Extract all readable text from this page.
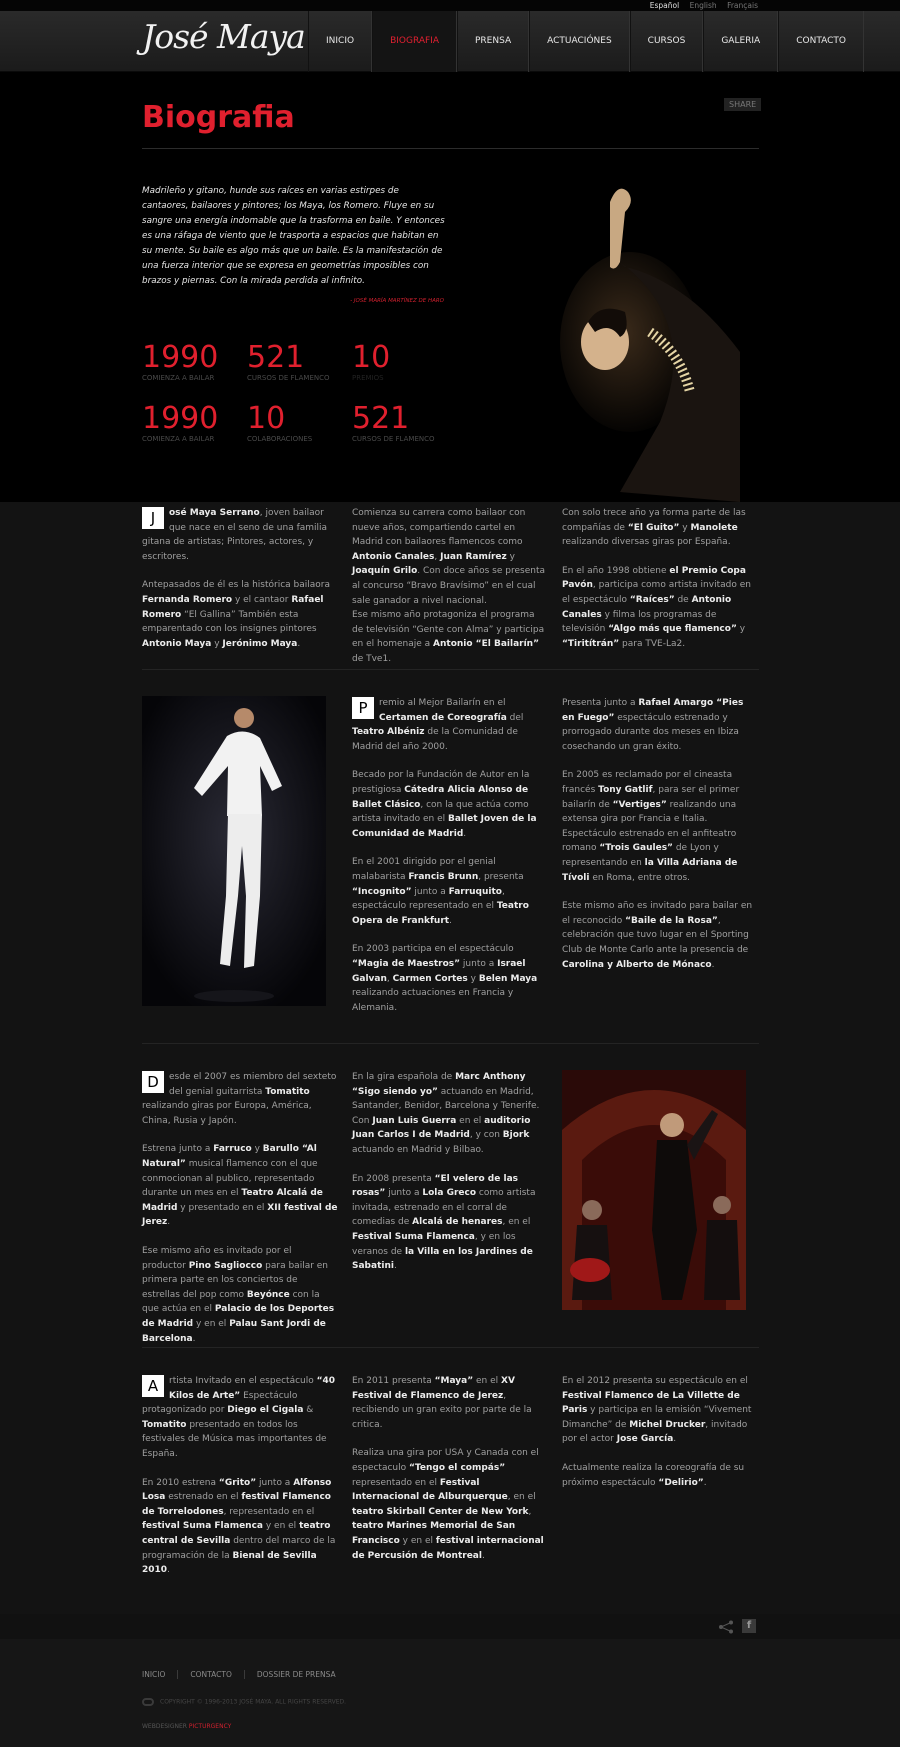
Español English Français
José Maya	INICIO	BIOGRAFIA	PRENSA	ACTUACIÓNES	CURSOS	GALERIA	CONTACTO
Biografia	SHARE
Madrileño y gitano, hunde sus raíces en varias estirpes de cantaores, bailaores y pintores; los Maya, los Romero. Fluye en su sangre una energía indomable que la trasforma en baile. Y entonces es una ráfaga de viento que le trasporta a espacios que habitan en su mente. Su baile es algo más que un baile. Es la manifestación de una fuerza interior que se expresa en geometrías imposibles con brazos y piernas. Con la mirada perdida al infinito.
- JOSÉ MARÍA MARTÍNEZ DE HARO
1990
COMIENZA A BAILAR
521
CURSOS DE FLAMENCO
10
PREMIOS
1990
COMIENZA A BAILAR
10
COLABORACIONES
521
CURSOS DE FLAMENCO

J	osé Maya Serrano, joven bailaor que nace en el seno de una familia gitana de artistas; Pintores, actores, y escritores.

Antepasados de él es la histórica bailaora Fernanda Romero y el cantaor Rafael Romero “El Gallina” También esta emparentado con los insignes pintores Antonio Maya y Jerónimo Maya.

Comienza su carrera como bailaor con nueve años, compartiendo cartel en Madrid con bailaores flamencos como Antonio Canales, Juan Ramírez y Joaquín Grilo. Con doce años se presenta al concurso “Bravo Bravísimo” en el cual sale ganador a nivel nacional.
Ese mismo año protagoniza el programa de televisión “Gente con Alma” y participa en el homenaje a Antonio “El Bailarín” de Tve1.

Con solo trece año ya forma parte de las compañías de “El Guito” y Manolete realizando diversas giras por España.

En el año 1998 obtiene el Premio Copa Pavón, participa como artista invitado en el espectáculo “Raíces” de Antonio Canales y filma los programas de televisión “Algo más que flamenco” y “Tiritítrán” para TVE-La2.

P	remio al Mejor Bailarín en el Certamen de Coreografía del Teatro Albéniz de la Comunidad de Madrid del año 2000.

Becado por la Fundación de Autor en la prestigiosa Cátedra Alicia Alonso de Ballet Clásico, con la que actúa como artista invitado en el Ballet Joven de la Comunidad de Madrid.

En el 2001 dirigido por el genial malabarista Francis Brunn, presenta “Incognito” junto a Farruquito, espectáculo representado en el Teatro Opera de Frankfurt.

En 2003 participa en el espectáculo “Magia de Maestros” junto a Israel Galvan, Carmen Cortes y Belen Maya realizando actuaciones en Francia y Alemania.

Presenta junto a Rafael Amargo “Pies en Fuego” espectáculo estrenado y prorrogado durante dos meses en Ibiza cosechando un gran éxito.

En 2005 es reclamado por el cineasta francés Tony Gatlif, para ser el primer bailarín de “Vertiges” realizando una extensa gira por Francia e Italia. Espectáculo estrenado en el anfiteatro romano “Trois Gaules” de Lyon y representando en la Villa Adriana de Tívoli en Roma, entre otros.

Este mismo año es invitado para bailar en el reconocido “Baile de la Rosa”, celebración que tuvo lugar en el Sporting Club de Monte Carlo ante la presencia de Carolina y Alberto de Mónaco.

D	esde el 2007 es miembro del sexteto del genial guitarrista Tomatito realizando giras por Europa, América, China, Rusia y Japón.

Estrena junto a Farruco y Barullo “Al Natural” musical flamenco con el que conmocionan al publico, representado durante un mes en el Teatro Alcalá de Madrid y presentado en el XII festival de Jerez.

Ese mismo año es invitado por el productor Pino Sagliocco para bailar en primera parte en los conciertos de estrellas del pop como Beyónce con la que actúa en el Palacio de los Deportes de Madrid y en el Palau Sant Jordi de Barcelona.

En la gira española de Marc Anthony “Sigo siendo yo” actuando en Madrid, Santander, Benidor, Barcelona y Tenerife.
Con Juan Luis Guerra en el auditorio Juan Carlos I de Madrid, y con Bjork actuando en Madrid y Bilbao.

En 2008 presenta “El velero de las rosas” junto a Lola Greco como artista invitada, estrenado en el corral de comedias de Alcalá de henares, en el Festival Suma Flamenca, y en los veranos de la Villa en los Jardines de Sabatini.

A	rtista Invitado en el espectáculo “40 Kilos de Arte” Espectáculo protagonizado por Diego el Cigala & Tomatito presentado en todos los festivales de Música mas importantes de España.

En 2010 estrena “Grito” junto a Alfonso Losa estrenado en el festival Flamenco de Torrelodones, representado en el festival Suma Flamenca y en el teatro central de Sevilla dentro del marco de la programación de la Bienal de Sevilla 2010.

En 2011 presenta “Maya” en el XV Festival de Flamenco de Jerez, recibiendo un gran exito por parte de la critica.

Realiza una gira por USA y Canada con el espectaculo “Tengo el compás” representado en el Festival Internacional de Alburquerque, en el teatro Skirball Center de New York, teatro Marines Memorial de San Francisco y en el festival internacional de Percusión de Montreal.

En el 2012 presenta su espectáculo en el Festival Flamenco de La Villette de Paris y participa en la emisión “Vivement Dimanche” de Michel Drucker, invitado por el actor Jose García.

Actualmente realiza la coreografía de su próximo espectáculo “Delirio”.

f
INICIO	CONTACTO	DOSSIER DE PRENSA
COPYRIGHT © 1996-2013 JOSÉ MAYA. ALL RIGHTS RESERVED.
WEBDESIGNER PICTURGENCY
